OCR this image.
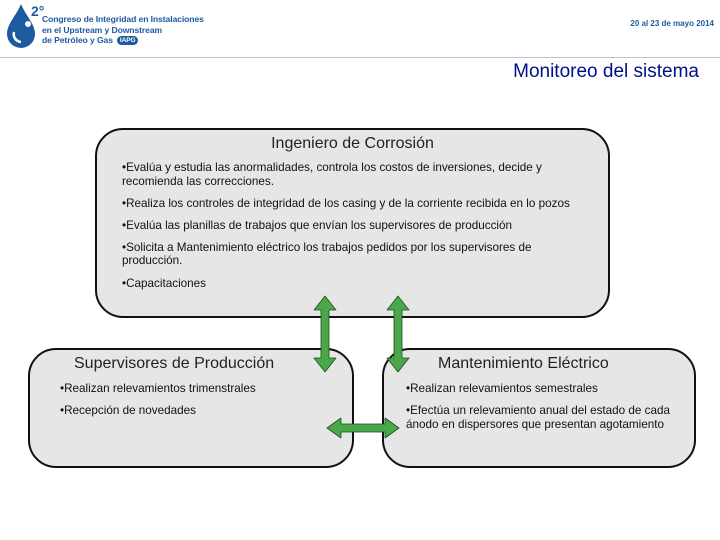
2°
Congreso de Integridad en Instalaciones
en el Upstream y Downstream
de Petróleo y Gas IAPG
20 al 23 de mayo 2014
Monitoreo del sistema
Ingeniero de Corrosión
•Evalúa y estudia las anormalidades, controla los costos de inversiones, decide y recomienda las correcciones.
•Realiza los controles de integridad de los casing y de la corriente recibida en lo pozos
•Evalúa las planillas de trabajos que envían los supervisores de producción
•Solicita a Mantenimiento eléctrico los trabajos pedidos por los supervisores de producción.
•Capacitaciones
Supervisores de Producción
•Realizan relevamientos trimenstrales
•Recepción de novedades
Mantenimiento Eléctrico
•Realizan relevamientos semestrales
•Efectúa un relevamiento anual del estado de cada ánodo en dispersores que presentan agotamiento
